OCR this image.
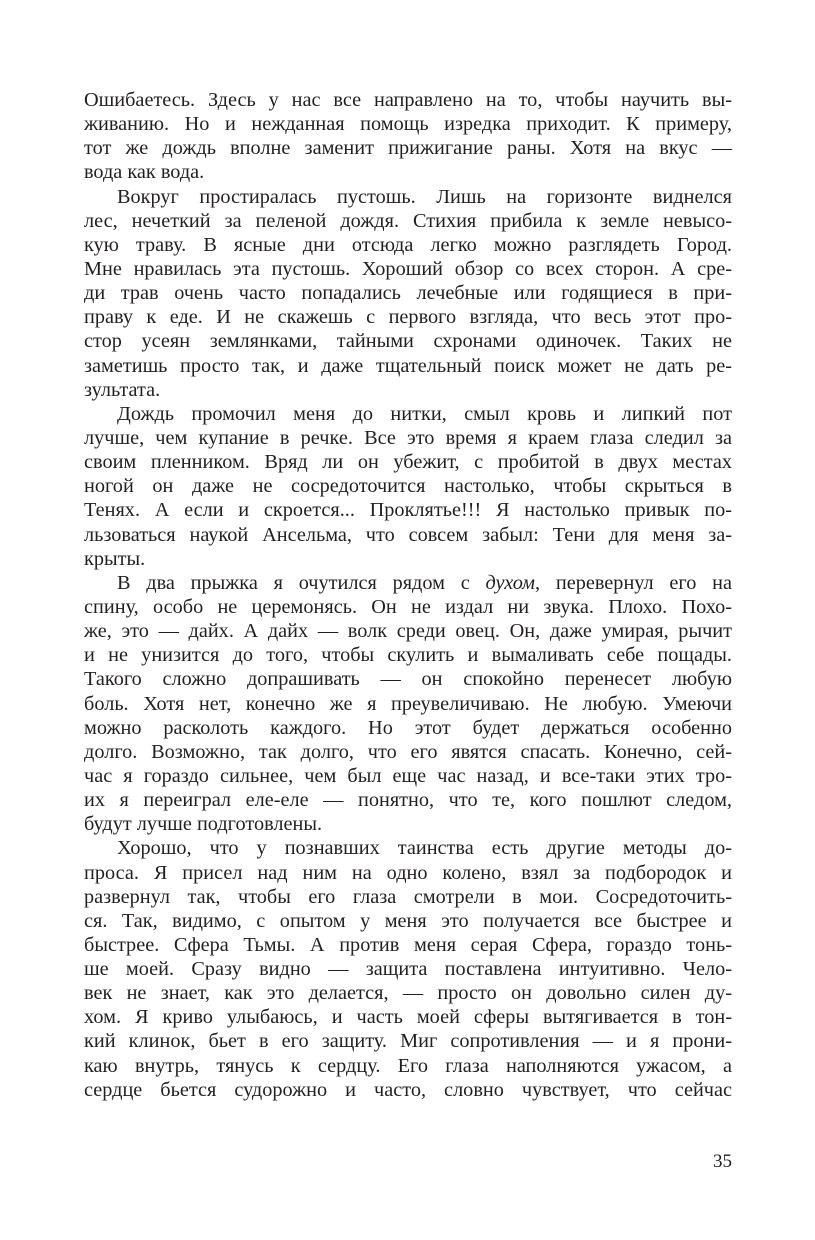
Ошибаетесь. Здесь у нас все направлено на то, чтобы научить вы-
живанию. Но и нежданная помощь изредка приходит. К примеру,
тот же дождь вполне заменит прижигание раны. Хотя на вкус —
вода как вода.
Вокруг простиралась пустошь. Лишь на горизонте виднелся
лес, нечеткий за пеленой дождя. Стихия прибила к земле невысо-
кую траву. В ясные дни отсюда легко можно разглядеть Город.
Мне нравилась эта пустошь. Хороший обзор со всех сторон. А сре-
ди трав очень часто попадались лечебные или годящиеся в при-
праву к еде. И не скажешь с первого взгляда, что весь этот про-
стор усеян землянками, тайными схронами одиночек. Таких не
заметишь просто так, и даже тщательный поиск может не дать ре-
зультата.
Дождь промочил меня до нитки, смыл кровь и липкий пот
лучше, чем купание в речке. Все это время я краем глаза следил за
своим пленником. Вряд ли он убежит, с пробитой в двух местах
ногой он даже не сосредоточится настолько, чтобы скрыться в
Тенях. А если и скроется... Проклятье!!! Я настолько привык по-
льзоваться наукой Ансельма, что совсем забыл: Тени для меня за-
крыты.
В два прыжка я очутился рядом с духом, перевернул его на
спину, особо не церемонясь. Он не издал ни звука. Плохо. Похо-
же, это — дайх. А дайх — волк среди овец. Он, даже умирая, рычит
и не унизится до того, чтобы скулить и вымаливать себе пощады.
Такого сложно допрашивать — он спокойно перенесет любую
боль. Хотя нет, конечно же я преувеличиваю. Не любую. Умеючи
можно расколоть каждого. Но этот будет держаться особенно
долго. Возможно, так долго, что его явятся спасать. Конечно, сей-
час я гораздо сильнее, чем был еще час назад, и все-таки этих тро-
их я переиграл еле-еле — понятно, что те, кого пошлют следом,
будут лучше подготовлены.
Хорошо, что у познавших таинства есть другие методы до-
проса. Я присел над ним на одно колено, взял за подбородок и
развернул так, чтобы его глаза смотрели в мои. Сосредоточить-
ся. Так, видимо, с опытом у меня это получается все быстрее и
быстрее. Сфера Тьмы. А против меня серая Сфера, гораздо тонь-
ше моей. Сразу видно — защита поставлена интуитивно. Чело-
век не знает, как это делается, — просто он довольно силен ду-
хом. Я криво улыбаюсь, и часть моей сферы вытягивается в тон-
кий клинок, бьет в его защиту. Миг сопротивления — и я прони-
каю внутрь, тянусь к сердцу. Его глаза наполняются ужасом, а
сердце бьется судорожно и часто, словно чувствует, что сейчас
35
